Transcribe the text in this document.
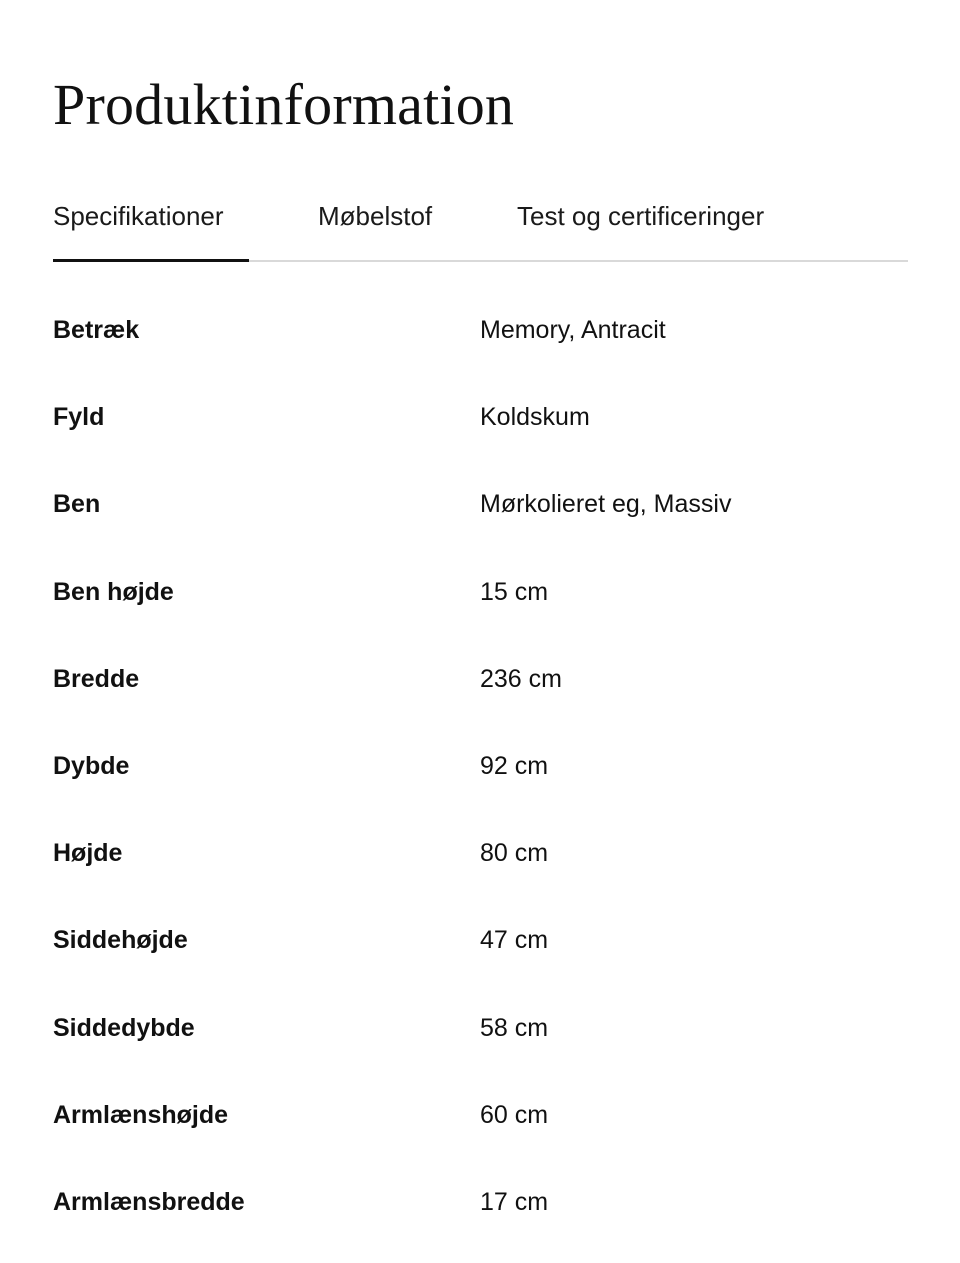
Produktinformation
Specifikationer	Møbelstof	Test og certificeringer
Betræk	Memory, Antracit
Fyld	Koldskum
Ben	Mørkolieret eg, Massiv
Ben højde	15 cm
Bredde	236 cm
Dybde	92 cm
Højde	80 cm
Siddehøjde	47 cm
Siddedybde	58 cm
Armlænshøjde	60 cm
Armlænsbredde	17 cm
